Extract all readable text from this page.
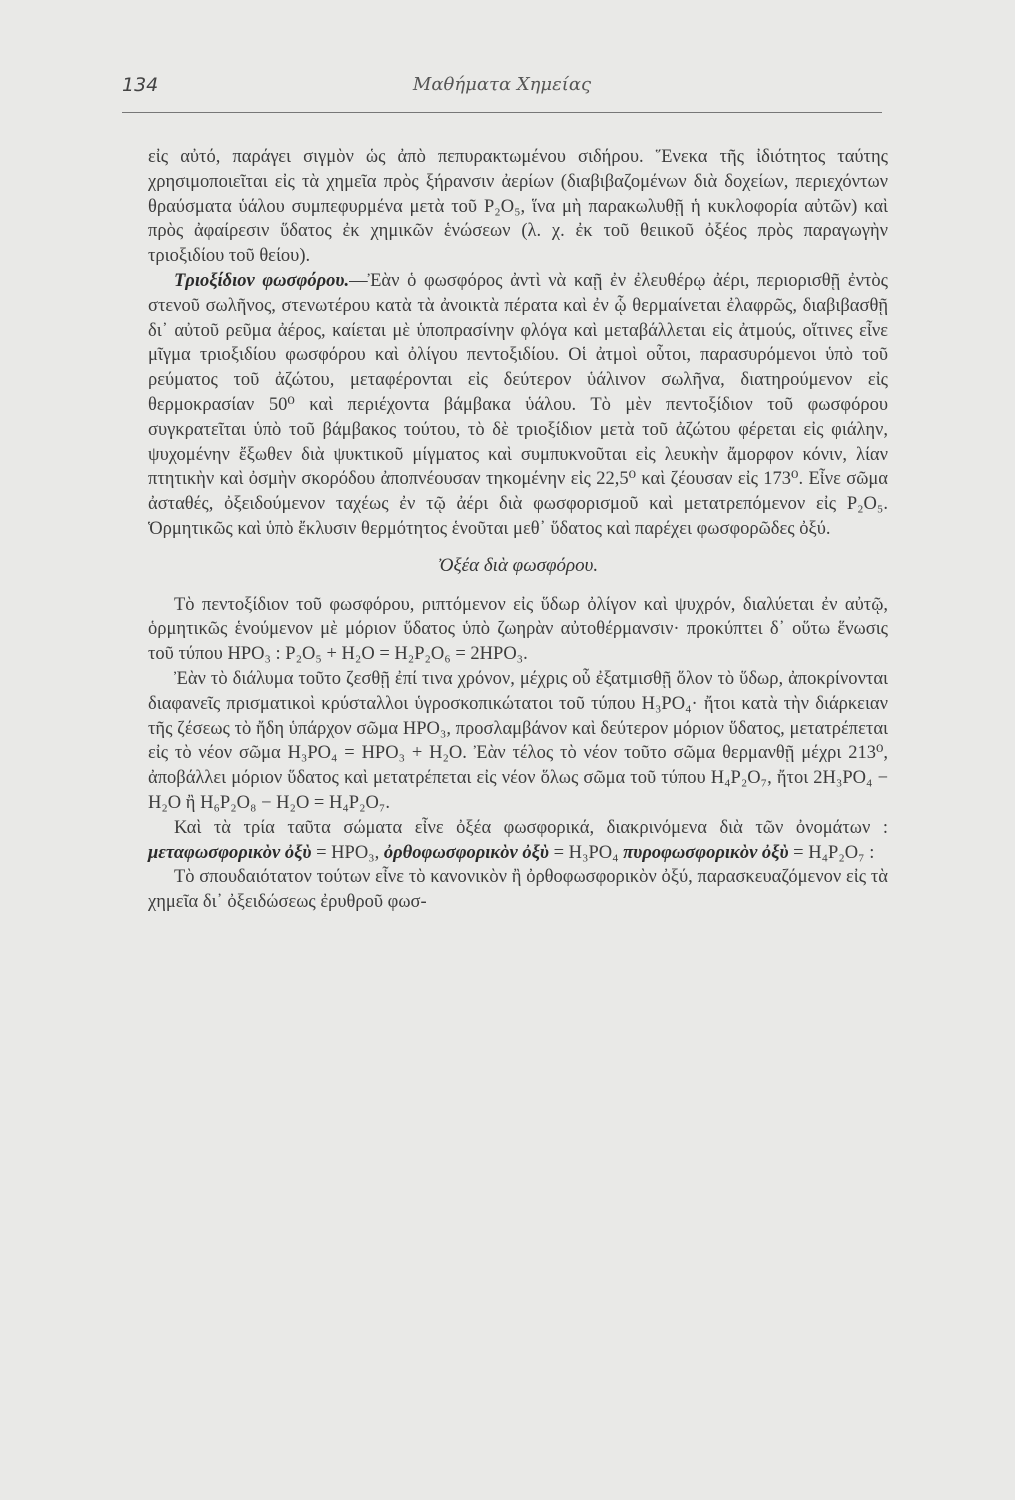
134	Μαθήματα Χημείας

εἰς αὐτό, παράγει σιγμὸν ὡς ἀπὸ πεπυρακτωμένου σιδήρου. Ἕνεκα τῆς ἰδιότητος ταύτης χρησιμοποιεῖται εἰς τὰ χημεῖα πρὸς ξήρανσιν ἀερίων (διαβιβαζομένων διὰ δοχείων, περιεχόντων θραύσματα ὑάλου συμπεφυρμένα μετὰ τοῦ P₂O₅, ἵνα μὴ παρακωλυθῇ ἡ κυκλοφορία αὐτῶν) καὶ πρὸς ἀφαίρεσιν ὕδατος ἐκ χημικῶν ἑνώσεων (λ. χ. ἐκ τοῦ θειικοῦ ὀξέος πρὸς παραγωγὴν τριοξιδίου τοῦ θείου).

Τριοξίδιον φωσφόρου.—Ἐὰν ὁ φωσφόρος ἀντὶ νὰ καῇ ἐν ἐλευθέρῳ ἀέρι, περιορισθῇ ἐντὸς στενοῦ σωλῆνος, στενωτέρου κατὰ τὰ ἀνοικτὰ πέρατα καὶ ἐν ᾧ θερμαίνεται ἐλαφρῶς, διαβιβασθῇ δι᾽ αὐτοῦ ρεῦμα ἀέρος, καίεται μὲ ὑποπρασίνην φλόγα καὶ μεταβάλλεται εἰς ἀτμούς, οἵτινες εἶνε μῖγμα τριοξιδίου φωσφόρου καὶ ὀλίγου πεντοξιδίου. Οἱ ἀτμοὶ οὗτοι, παρασυρόμενοι ὑπὸ τοῦ ρεύματος τοῦ ἀζώτου, μεταφέρονται εἰς δεύτερον ὑάλινον σωλῆνα, διατηρούμενον εἰς θερμοκρασίαν 50⁰ καὶ περιέχοντα βάμβακα ὑάλου. Τὸ μὲν πεντοξίδιον τοῦ φωσφόρου συγκρατεῖται ὑπὸ τοῦ βάμβακος τούτου, τὸ δὲ τριοξίδιον μετὰ τοῦ ἀζώτου φέρεται εἰς φιάλην, ψυχομένην ἔξωθεν διὰ ψυκτικοῦ μίγματος καὶ συμπυκνοῦται εἰς λευκὴν ἄμορφον κόνιν, λίαν πτητικὴν καὶ ὀσμὴν σκορόδου ἀποπνέουσαν τηκομένην εἰς 22,5⁰ καὶ ζέουσαν εἰς 173⁰. Εἶνε σῶμα ἀσταθές, ὀξειδούμενον ταχέως ἐν τῷ ἀέρι διὰ φωσφορισμοῦ καὶ μετατρεπόμενον εἰς P₂O₅. Ὁρμητικῶς καὶ ὑπὸ ἔκλυσιν θερμότητος ἑνοῦται μεθ᾽ ὕδατος καὶ παρέχει φωσφορῶδες ὀξύ.

Ὀξέα διὰ φωσφόρου.

Τὸ πεντοξίδιον τοῦ φωσφόρου, ριπτόμενον εἰς ὕδωρ ὀλίγον καὶ ψυχρόν, διαλύεται ἐν αὐτῷ, ὁρμητικῶς ἑνούμενον μὲ μόριον ὕδατος ὑπὸ ζωηρὰν αὐτοθέρμανσιν· προκύπτει δ᾽ οὕτω ἕνωσις τοῦ τύπου HPO₃ : P₂O₅ + H₂O = H₂P₂O₆ = 2HPO₃.

Ἐὰν τὸ διάλυμα τοῦτο ζεσθῇ ἐπί τινα χρόνον, μέχρις οὗ ἐξατμισθῇ ὅλον τὸ ὕδωρ, ἀποκρίνονται διαφανεῖς πρισματικοὶ κρύσταλλοι ὑγροσκοπικώτατοι τοῦ τύπου H₃PO₄· ἤτοι κατὰ τὴν διάρκειαν τῆς ζέσεως τὸ ἤδη ὑπάρχον σῶμα HPO₃, προσλαμβάνον καὶ δεύτερον μόριον ὕδατος, μετατρέπεται εἰς τὸ νέον σῶμα H₃PO₄ = HPO₃ + H₂O. Ἐὰν τέλος τὸ νέον τοῦτο σῶμα θερμανθῇ μέχρι 213⁰, ἀποβάλλει μόριον ὕδατος καὶ μετατρέπεται εἰς νέον ὅλως σῶμα τοῦ τύπου H₄P₂O₇, ἤτοι 2H₃PO₄ − H₂O ἢ H₆P₂O₈ − H₂O = H₄P₂O₇.

Καὶ τὰ τρία ταῦτα σώματα εἶνε ὀξέα φωσφορικά, διακρινόμενα διὰ τῶν ὀνομάτων : μεταφωσφορικὸν ὀξὺ = HPO₃, ὀρθοφωσφορικὸν ὀξὺ = H₃PO₄ πυροφωσφορικὸν ὀξὺ = H₄P₂O₇ :

Τὸ σπουδαιότατον τούτων εἶνε τὸ κανονικὸν ἢ ὀρθοφωσφορικὸν ὀξύ, παρασκευαζόμενον εἰς τὰ χημεῖα δι᾽ ὀξειδώσεως ἐρυθροῦ φωσ-
